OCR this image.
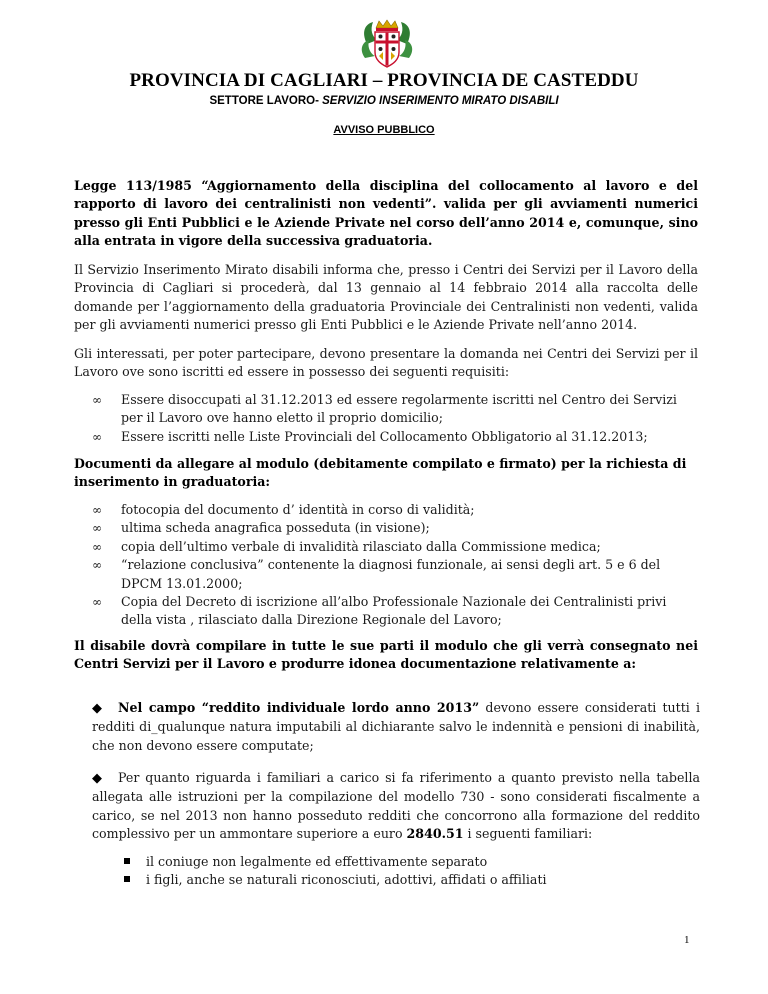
PROVINCIA DI CAGLIARI – PROVINCIA DE CASTEDDU
SETTORE LAVORO- SERVIZIO INSERIMENTO MIRATO DISABILI
AVVISO PUBBLICO

Legge 113/1985 “Aggiornamento della disciplina del collocamento al lavoro e del rapporto di lavoro dei centralinisti non vedenti”. valida per gli avviamenti numerici presso gli Enti Pubblici e le Aziende Private nel corso dell’anno 2014 e, comunque, sino alla entrata in vigore della successiva graduatoria.

Il Servizio Inserimento Mirato disabili informa che, presso i Centri dei Servizi per il Lavoro della Provincia di Cagliari si procederà, dal 13 gennaio al 14 febbraio 2014 alla raccolta delle domande per l’aggiornamento della graduatoria Provinciale dei Centralinisti non vedenti, valida per gli avviamenti numerici presso gli Enti Pubblici e le Aziende Private nell’anno 2014.

Gli interessati, per poter partecipare, devono presentare la domanda nei Centri dei Servizi per il Lavoro ove sono iscritti ed essere in possesso dei seguenti requisiti:

∞ Essere disoccupati al 31.12.2013 ed essere regolarmente iscritti nel Centro dei Servizi per il Lavoro ove hanno eletto il proprio domicilio;
∞ Essere iscritti nelle Liste Provinciali del Collocamento Obbligatorio al 31.12.2013;

Documenti da allegare al modulo (debitamente compilato e firmato) per la richiesta di inserimento in graduatoria:

∞ fotocopia del documento d’ identità in corso di validità;
∞ ultima scheda anagrafica posseduta (in visione);
∞ copia dell’ultimo verbale di invalidità rilasciato dalla Commissione medica;
∞ “relazione conclusiva” contenente la diagnosi funzionale, ai sensi degli art. 5 e 6 del DPCM 13.01.2000;
∞ Copia del Decreto di iscrizione all’albo Professionale Nazionale dei Centralinisti privi della vista , rilasciato dalla Direzione Regionale del Lavoro;

Il disabile dovrà compilare in tutte le sue parti il modulo che gli verrà consegnato nei Centri Servizi per il Lavoro e produrre idonea documentazione relativamente a:

◆ Nel campo “reddito individuale lordo anno 2013” devono essere considerati tutti i redditi di_qualunque natura imputabili al dichiarante salvo le indennità e pensioni di inabilità, che non devono essere computate;
◆ Per quanto riguarda i familiari a carico si fa riferimento a quanto previsto nella tabella allegata alle istruzioni per la compilazione del modello 730 - sono considerati fiscalmente a carico, se nel 2013 non hanno posseduto redditi che concorrono alla formazione del reddito complessivo per un ammontare superiore a euro 2840.51 i seguenti familiari:
il coniuge non legalmente ed effettivamente separato
i figli, anche se naturali riconosciuti, adottivi, affidati o affiliati
1
